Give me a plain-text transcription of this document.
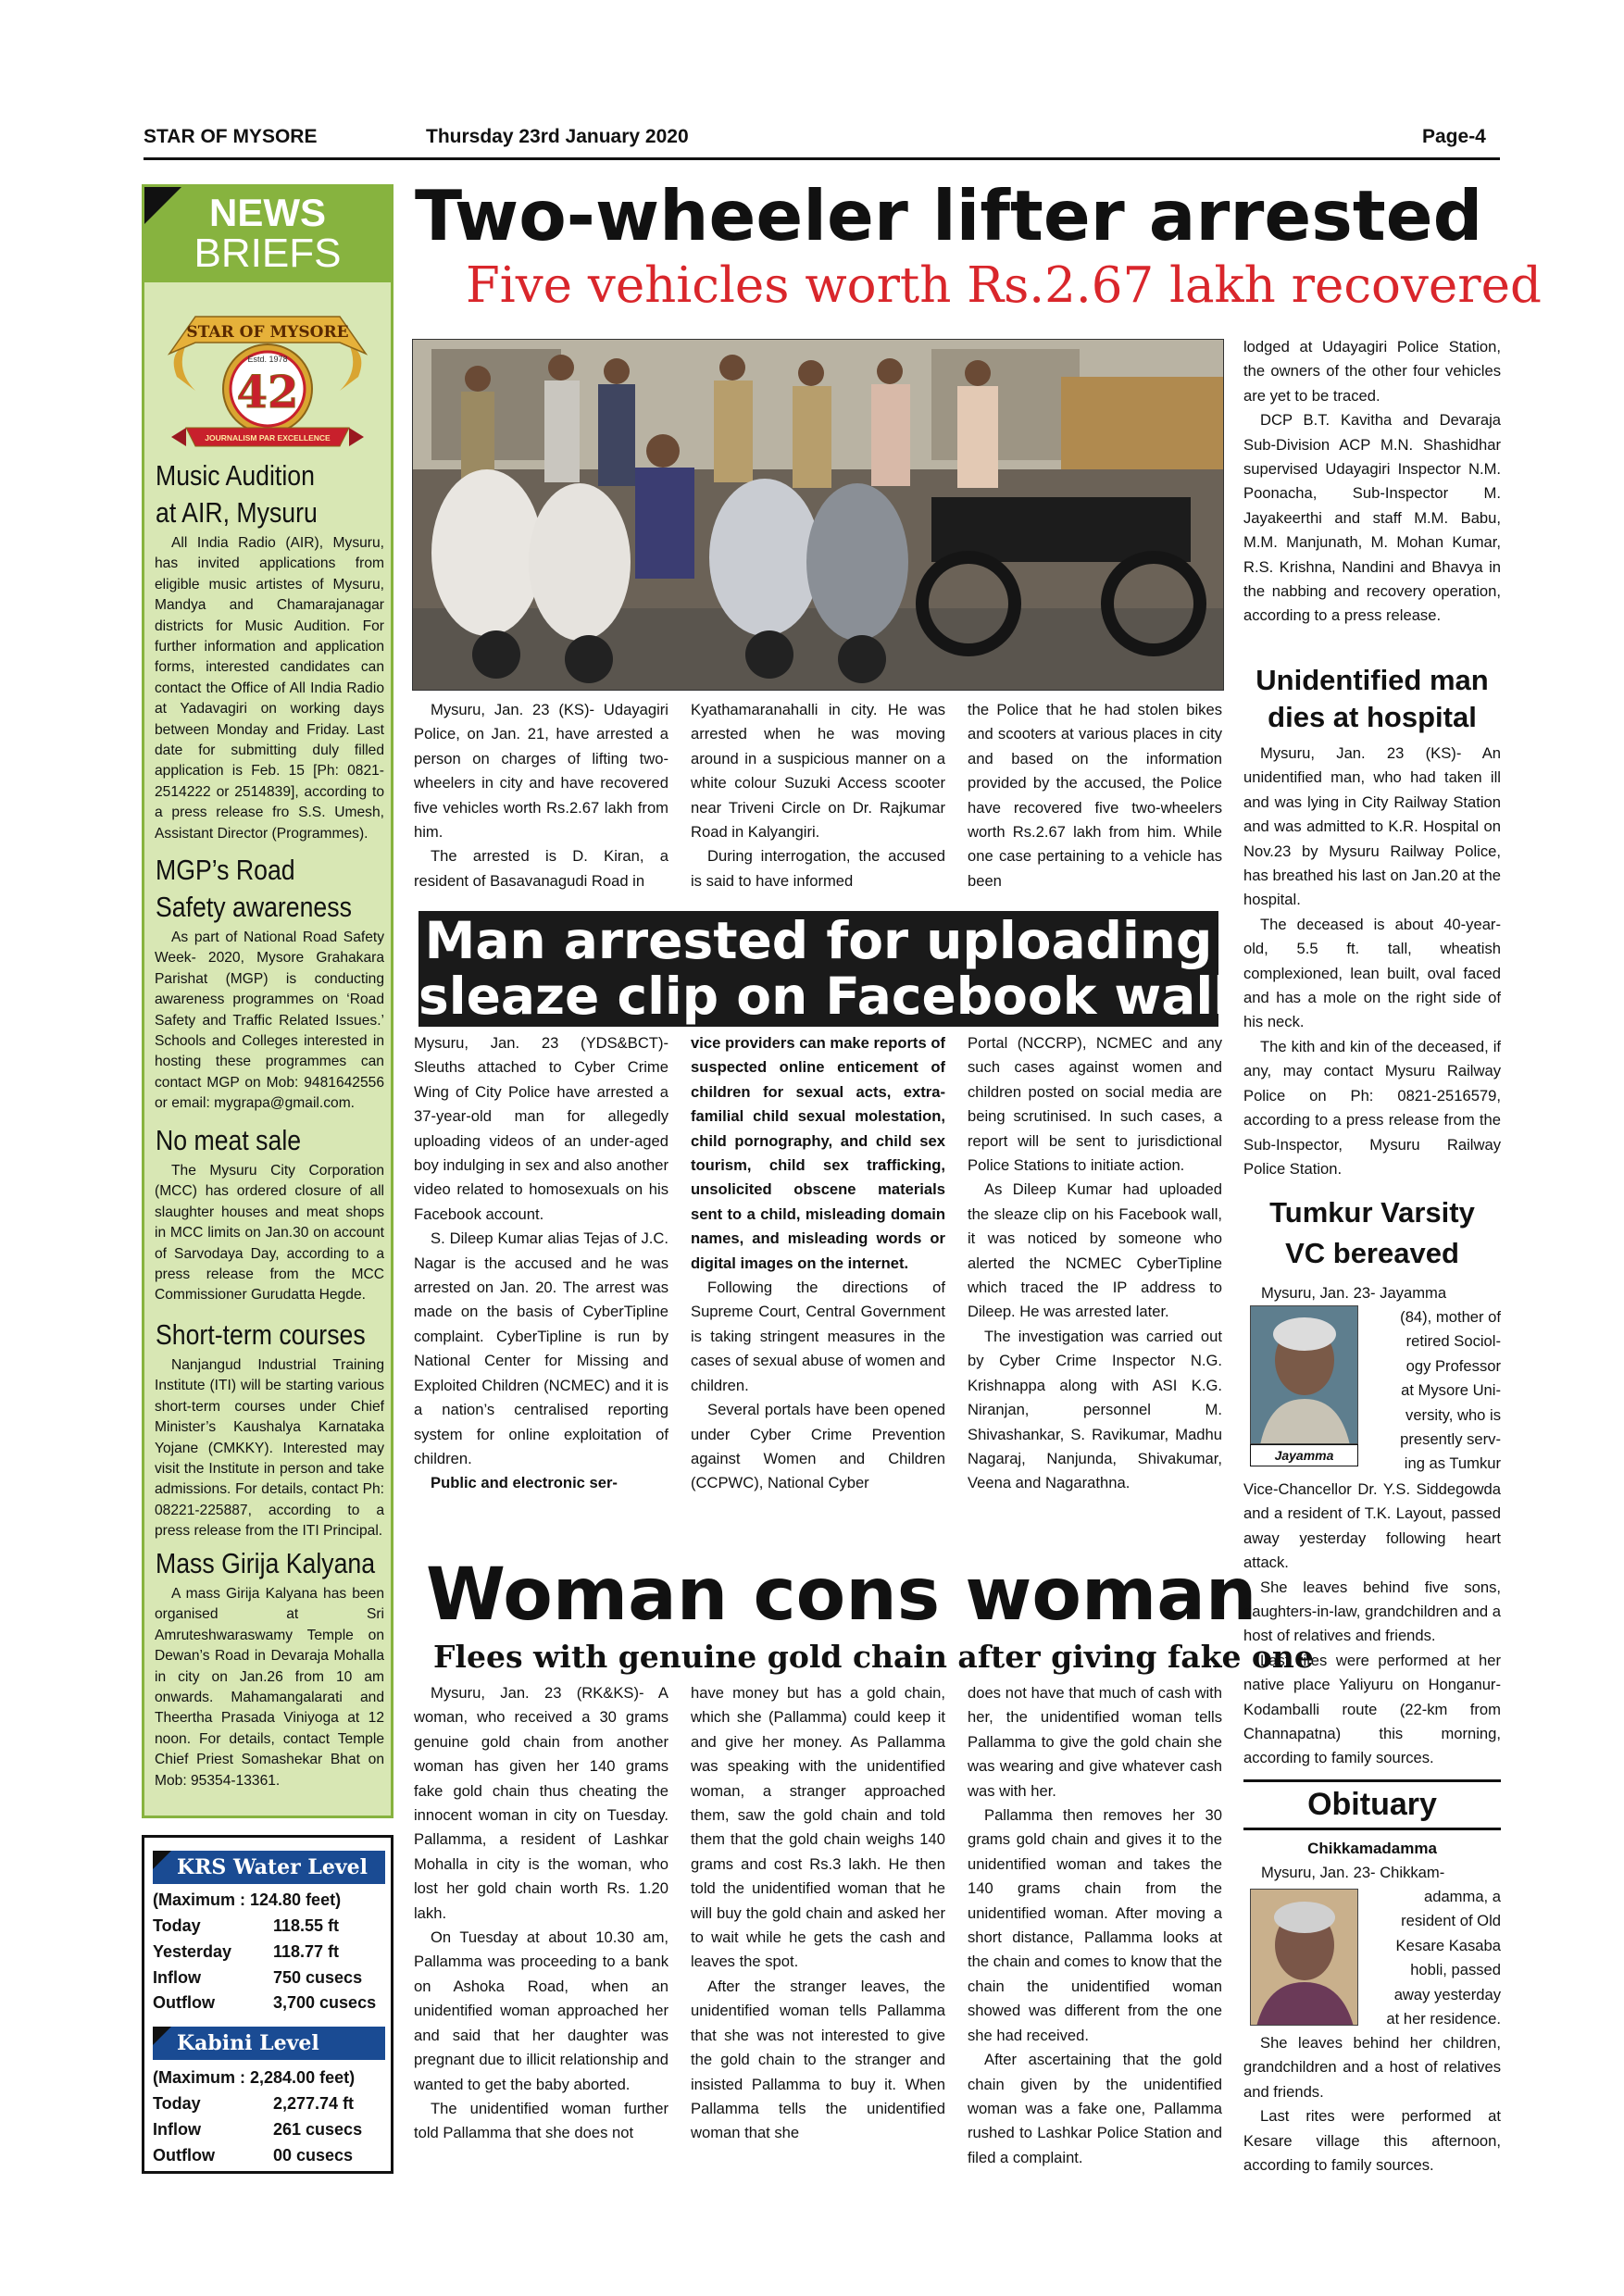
STAR OF MYSORE	Thursday 23rd January 2020	Page-4
NEWS
BRIEFS
STAR OF MYSORE
Estd. 1978
42
JOURNALISM PAR EXCELLENCE
Music Audition
at AIR, Mysuru
All India Radio (AIR), Mysuru, has invited applications from eligible music artistes of Mysuru, Mandya and Chamarajanagar districts for Music Audition. For further information and application forms, interested candidates can contact the Office of All India Radio at Yadavagiri on working days between Monday and Friday. Last date for submitting duly filled application is Feb. 15 [Ph: 0821-2514222 or 2514839], according to a press release fro S.S. Umesh, Assistant Director (Programmes).
MGP’s Road
Safety awareness
As part of National Road Safety Week- 2020, Mysore Grahakara Parishat (MGP) is conducting awareness programmes on ‘Road Safety and Traffic Related Issues.’ Schools and Colleges interested in hosting these programmes can contact MGP on Mob: 9481642556 or email: mygrapa@gmail.com.
No meat sale
The Mysuru City Corporation (MCC) has ordered closure of all slaughter houses and meat shops in MCC limits on Jan.30 on account of Sarvodaya Day, according to a press release from the MCC Commissioner Gurudatta Hegde.
Short-term courses
Nanjangud Industrial Training Institute (ITI) will be starting various short-term courses under Chief Minister’s Kaushalya Karnataka Yojane (CMKKY). Interested may visit the Institute in person and take admissions. For details, contact Ph: 08221-225887, according to a press release from the ITI Principal.
Mass Girija Kalyana
A mass Girija Kalyana has been organised at Sri Amruteshwaraswamy Temple on Dewan’s Road in Devaraja Mohalla in city on Jan.26 from 10 am onwards. Mahamangalarati and Theertha Prasada Viniyoga at 12 noon. For details, contact Temple Chief Priest Somashekar Bhat on Mob: 95354-13361.
KRS Water Level
(Maximum : 124.80 feet)
Today	118.55 ft
Yesterday 118.77 ft
Inflow	750 cusecs
Outflow	3,700 cusecs
Kabini Level
(Maximum : 2,284.00 feet)
Today	2,277.74 ft
Inflow	261 cusecs
Outflow	00 cusecs
Two-wheeler lifter arrested
Five vehicles worth Rs.2.67 lakh recovered

Mysuru, Jan. 23 (KS)- Udayagiri Police, on Jan. 21, have arrested a person on charges of lifting two-wheelers in city and have recovered five vehicles worth Rs.2.67 lakh from him.

The arrested is D. Kiran, a resident of Basavanagudi Road in

Kyathamaranahalli in city. He was arrested when he was moving around in a suspicious manner on a white colour Suzuki Access scooter near Triveni Circle on Dr. Rajkumar Road in Kalyangiri.

During interrogation, the accused is said to have informed

the Police that he had stolen bikes and scooters at various places in city and based on the information provided by the accused, the Police have recovered five two-wheelers worth Rs.2.67 lakh from him. While one case pertaining to a vehicle has been

lodged at Udayagiri Police Station, the owners of the other four vehicles are yet to be traced.

DCP B.T. Kavitha and Devaraja Sub-Division ACP M.N. Shashidhar supervised Udayagiri Inspector N.M. Poonacha, Sub-Inspector M. Jayakeerthi and staff M.M. Babu, M.M. Manjunath, M. Mohan Kumar, R.S. Krishna, Nandini and Bhavya in the nabbing and recovery operation, according to a press release.

Man arrested for uploading
sleaze clip on Facebook wall

Mysuru, Jan. 23 (YDS&BCT)- Sleuths attached to Cyber Crime Wing of City Police have arrested a 37-year-old man for allegedly uploading videos of an under-aged boy indulging in sex and also another video related to homosexuals on his Facebook account.

S. Dileep Kumar alias Tejas of J.C. Nagar is the accused and he was arrested on Jan. 20. The arrest was made on the basis of CyberTipline complaint. CyberTipline is run by National Center for Missing and Exploited Children (NCMEC) and it is a nation’s centralised reporting system for online exploitation of children.

Public and electronic ser-

vice providers can make reports of suspected online enticement of children for sexual acts, extra-familial child sexual molestation, child pornography, and child sex tourism, child sex trafficking, unsolicited obscene materials sent to a child, misleading domain names, and misleading words or digital images on the internet.

Following the directions of Supreme Court, Central Government is taking stringent measures in the cases of sexual abuse of women and children.

Several portals have been opened under Cyber Crime Prevention against Women and Children (CCPWC), National Cyber

Portal (NCCRP), NCMEC and any such cases against women and children posted on social media are being scrutinised. In such cases, a report will be sent to jurisdictional Police Stations to initiate action.

As Dileep Kumar had uploaded the sleaze clip on his Facebook wall, it was noticed by someone who alerted the NCMEC CyberTipline which traced the IP address to Dileep. He was arrested later.

The investigation was carried out by Cyber Crime Inspector N.G. Krishnappa along with ASI K.G. Niranjan, personnel M. Shivashankar, S. Ravikumar, Madhu Nagaraj, Nanjunda, Shivakumar, Veena and Nagarathna.

Woman cons woman
Flees with genuine gold chain after giving fake one

Mysuru, Jan. 23 (RK&KS)- A woman, who received a 30 grams genuine gold chain from another woman has given her 140 grams fake gold chain thus cheating the innocent woman in city on Tuesday. Pallamma, a resident of Lashkar Mohalla in city is the woman, who lost her gold chain worth Rs. 1.20 lakh.

On Tuesday at about 10.30 am, Pallamma was proceeding to a bank on Ashoka Road, when an unidentified woman approached her and said that her daughter was pregnant due to illicit relationship and wanted to get the baby aborted.

The unidentified woman further told Pallamma that she does not

have money but has a gold chain, which she (Pallamma) could keep it and give her money. As Pallamma was speaking with the unidentified woman, a stranger approached them, saw the gold chain and told them that the gold chain weighs 140 grams and cost Rs.3 lakh. He then told the unidentified woman that he will buy the gold chain and asked her to wait while he gets the cash and leaves the spot.

After the stranger leaves, the unidentified woman tells Pallamma that she was not interested to give the gold chain to the stranger and insisted Pallamma to buy it. When Pallamma tells the unidentified woman that she

does not have that much of cash with her, the unidentified woman tells Pallamma to give the gold chain she was wearing and give whatever cash was with her.

Pallamma then removes her 30 grams gold chain and gives it to the unidentified woman and takes the 140 grams chain from the unidentified woman. After moving a short distance, Pallamma looks at the chain and comes to know that the chain the unidentified woman showed was different from the one she had received.

After ascertaining that the gold chain given by the unidentified woman was a fake one, Pallamma rushed to Lashkar Police Station and filed a complaint.

Unidentified man
dies at hospital

Mysuru, Jan. 23 (KS)- An unidentified man, who had taken ill and was lying in City Railway Station and was admitted to K.R. Hospital on Nov.23 by Mysuru Railway Police, has breathed his last on Jan.20 at the hospital.

The deceased is about 40-year-old, 5.5 ft. tall, wheatish complexioned, lean built, oval faced and has a mole on the right side of his neck.

The kith and kin of the deceased, if any, may contact Mysuru Railway Police on Ph: 0821-2516579, according to a press release from the Sub-Inspector, Mysuru Railway Police Station.

Tumkur Varsity
VC bereaved
Jayamma

Mysuru, Jan. 23- Jayamma

(84), mother of

retired Sociol-

ogy Professor

at Mysore Uni-

versity, who is

presently serv-

ing as Tumkur

Vice-Chancellor Dr. Y.S. Siddegowda and a resident of T.K. Layout, passed away yesterday following heart attack.

She leaves behind five sons, daughters-in-law, grandchildren and a host of relatives and friends.

Last rites were performed at her native place Yaliyuru on Honganur-Kodamballi route (22-km from Channapatna) this morning, according to family sources.

Obituary
Chikkamadamma

Mysuru, Jan. 23- Chikkam-

adamma, a

resident of Old

Kesare Kasaba

hobli, passed

away yesterday

at her residence.

She leaves behind her children, grandchildren and a host of relatives and friends.

Last rites were performed at Kesare village this afternoon, according to family sources.
